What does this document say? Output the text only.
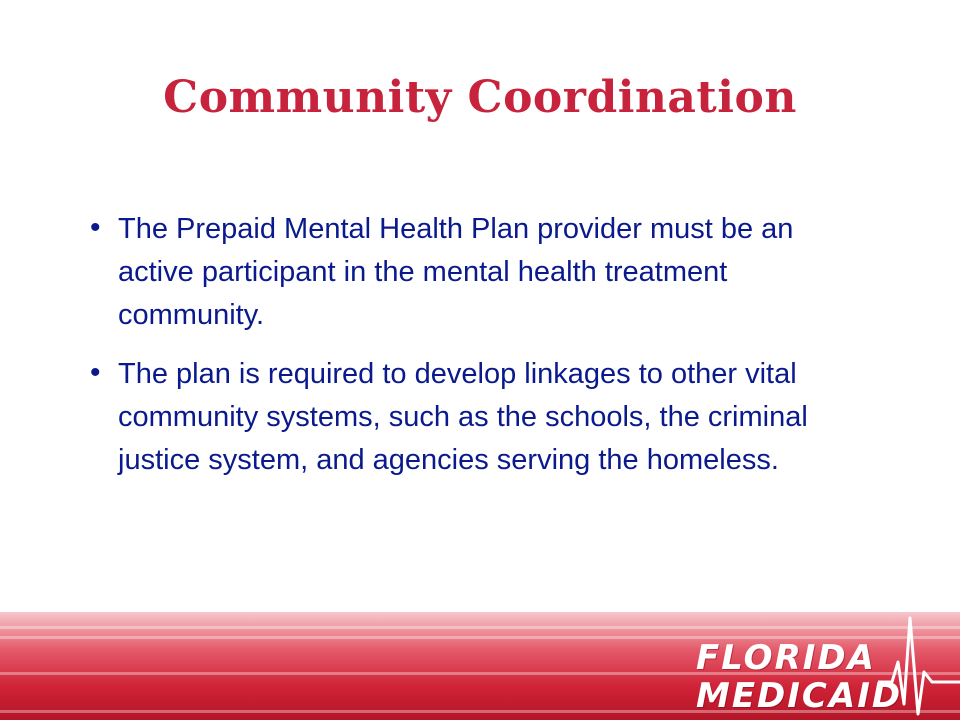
Community Coordination
• The Prepaid Mental Health Plan provider must be an active participant in the mental health treatment community.
• The plan is required to develop linkages to other vital community systems, such as the schools, the criminal justice system, and agencies serving the homeless.
FLORIDA
MEDICAID
